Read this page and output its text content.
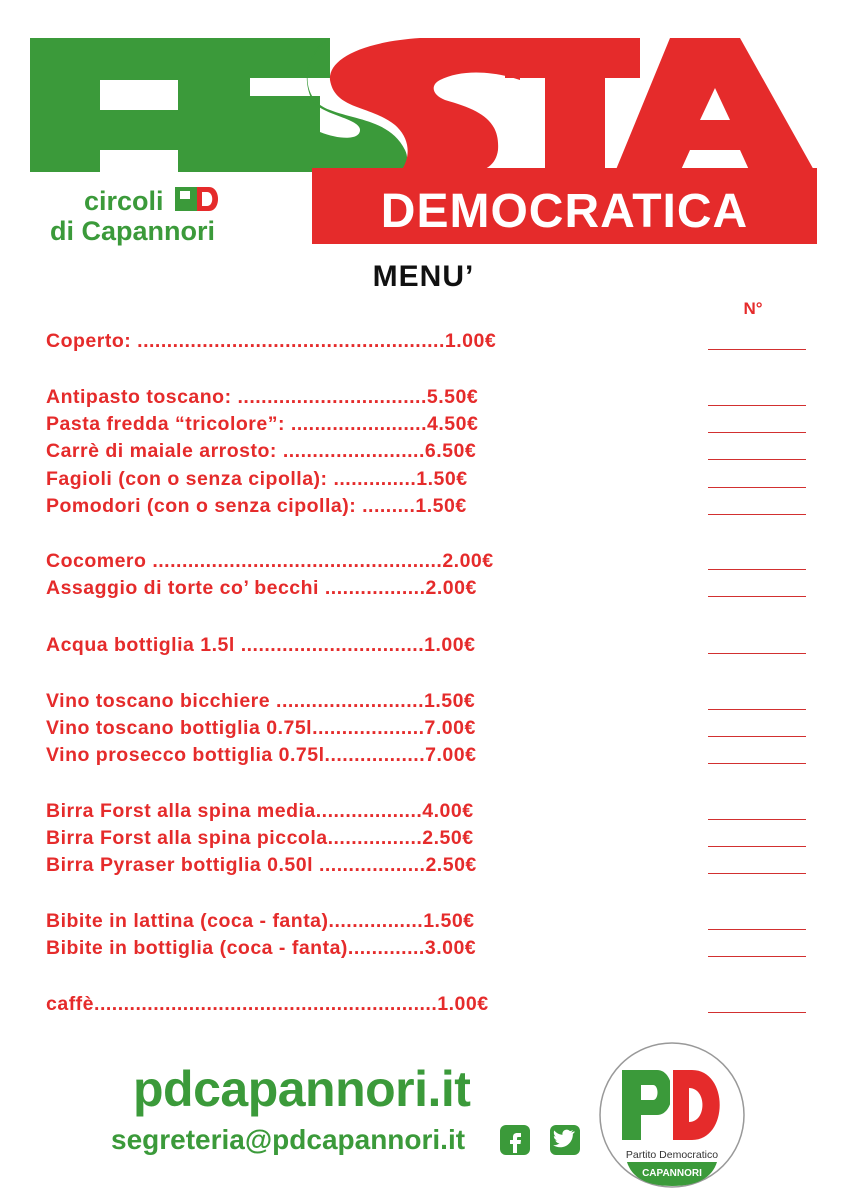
DEMOCRATICA
circoli
di Capannori
MENU’
N°
Coperto: ....................................................1.00€
Antipasto toscano: ................................5.50€
Pasta fredda “tricolore”: .......................4.50€
Carrè di maiale arrosto: ........................6.50€
Fagioli (con o senza cipolla): ..............1.50€
Pomodori (con o senza cipolla): .........1.50€
Cocomero .................................................2.00€
Assaggio di torte co’ becchi .................2.00€
Acqua bottiglia 1.5l ...............................1.00€
Vino toscano bicchiere .........................1.50€
Vino toscano bottiglia 0.75l...................7.00€
Vino prosecco bottiglia 0.75l.................7.00€
Birra Forst alla spina media..................4.00€
Birra Forst alla spina piccola................2.50€
Birra Pyraser bottiglia 0.50l ..................2.50€
Bibite in lattina (coca - fanta)................1.50€
Bibite in bottiglia (coca - fanta).............3.00€
caffè..........................................................1.00€
pdcapannori.it
segreteria@pdcapannori.it	Partito Democratico
CAPANNORI
